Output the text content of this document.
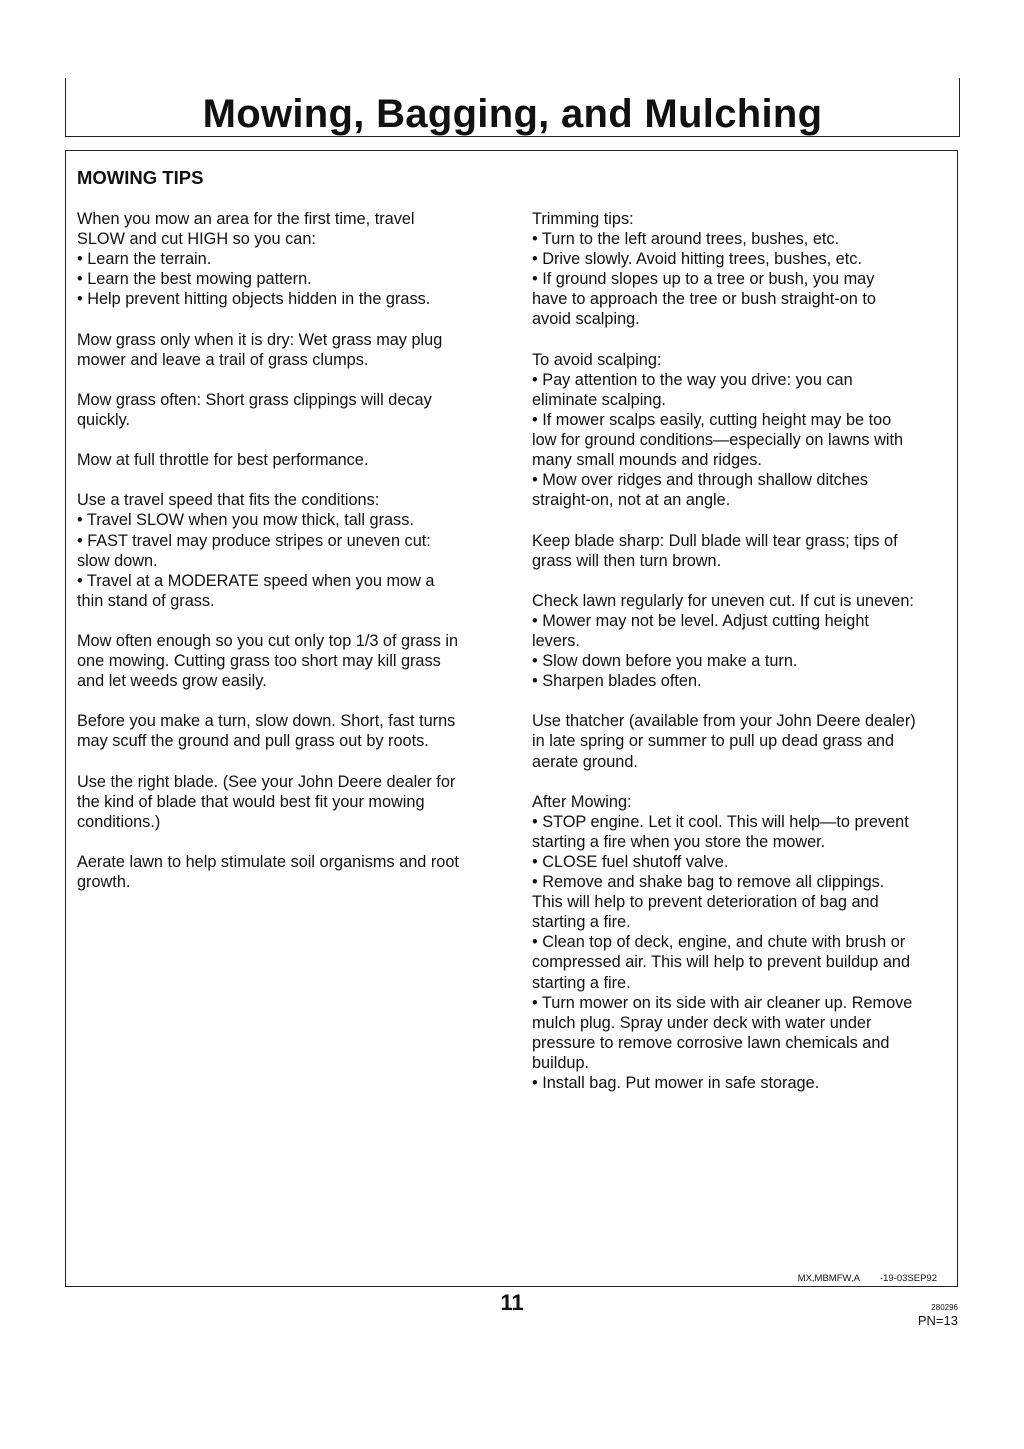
Mowing, Bagging, and Mulching
MOWING TIPS
When you mow an area for the first time, travel
SLOW and cut HIGH so you can:
• Learn the terrain.
• Learn the best mowing pattern.
• Help prevent hitting objects hidden in the grass.
Mow grass only when it is dry: Wet grass may plug
mower and leave a trail of grass clumps.
Mow grass often: Short grass clippings will decay
quickly.
Mow at full throttle for best performance.
Use a travel speed that fits the conditions:
• Travel SLOW when you mow thick, tall grass.
• FAST travel may produce stripes or uneven cut:
slow down.
• Travel at a MODERATE speed when you mow a
thin stand of grass.
Mow often enough so you cut only top 1/3 of grass in
one mowing. Cutting grass too short may kill grass
and let weeds grow easily.
Before you make a turn, slow down. Short, fast turns
may scuff the ground and pull grass out by roots.
Use the right blade. (See your John Deere dealer for
the kind of blade that would best fit your mowing
conditions.)
Aerate lawn to help stimulate soil organisms and root
growth.
Trimming tips:
• Turn to the left around trees, bushes, etc.
• Drive slowly. Avoid hitting trees, bushes, etc.
• If ground slopes up to a tree or bush, you may
have to approach the tree or bush straight-on to
avoid scalping.
To avoid scalping:
• Pay attention to the way you drive: you can
eliminate scalping.
• If mower scalps easily, cutting height may be too
low for ground conditions—especially on lawns with
many small mounds and ridges.
• Mow over ridges and through shallow ditches
straight-on, not at an angle.
Keep blade sharp: Dull blade will tear grass; tips of
grass will then turn brown.
Check lawn regularly for uneven cut. If cut is uneven:
• Mower may not be level. Adjust cutting height
levers.
• Slow down before you make a turn.
• Sharpen blades often.
Use thatcher (available from your John Deere dealer)
in late spring or summer to pull up dead grass and
aerate ground.
After Mowing:
• STOP engine. Let it cool. This will help—to prevent
starting a fire when you store the mower.
• CLOSE fuel shutoff valve.
• Remove and shake bag to remove all clippings.
This will help to prevent deterioration of bag and
starting a fire.
• Clean top of deck, engine, and chute with brush or
compressed air. This will help to prevent buildup and
starting a fire.
• Turn mower on its side with air cleaner up. Remove
mulch plug. Spray under deck with water under
pressure to remove corrosive lawn chemicals and
buildup.
• Install bag. Put mower in safe storage.
MX,MBMFW,A -19-03SEP92
11	280296
PN=13
